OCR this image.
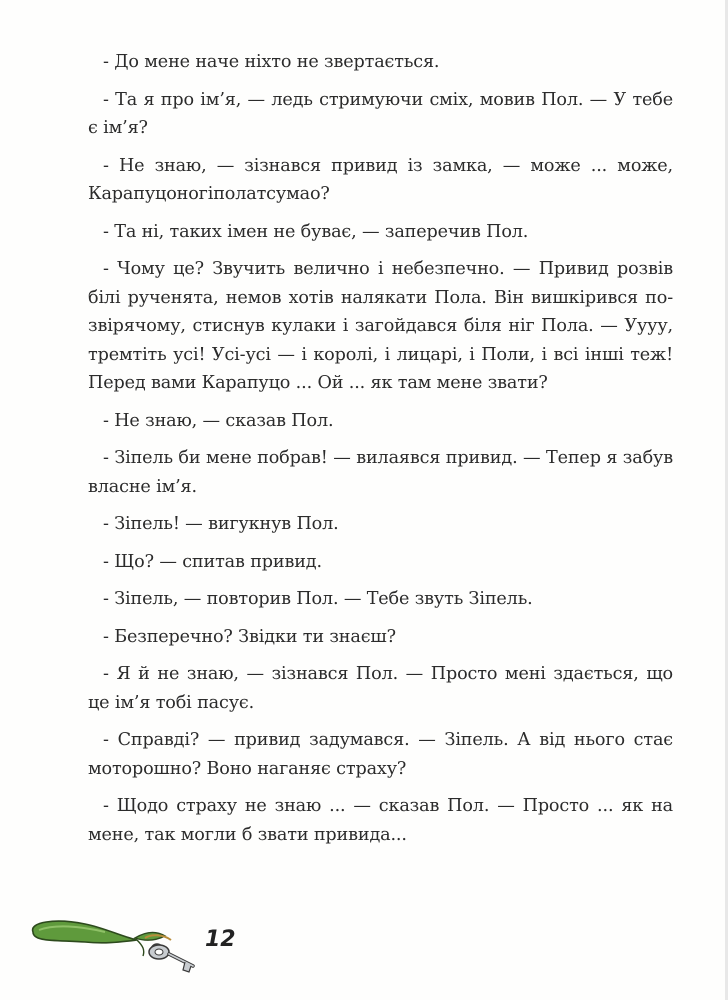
- До мене наче ніхто не звертається.

- Та я про ім’я, — ледь стримуючи сміх, мовив Пол. — У тебе є ім’я?

- Не знаю, — зізнався привид із замка, — може ... може, Карапуцоногіполатсумао?

- Та ні, таких імен не буває, — заперечив Пол.

- Чому це? Звучить велично і небезпечно. — Привид розвів білі рученята, немов хотів налякати Пола. Він вишкірився по-звірячому, стиснув кулаки і загойдався біля ніг Пола. — Уууу, тремтіть усі! Усі-усі — і королі, і лицарі, і Поли, і всі інші теж! Перед вами Карапуцо ... Ой ... як там мене звати?

- Не знаю, — сказав Пол.

- Зіпель би мене побрав! — вилаявся привид. — Тепер я забув власне ім’я.

- Зіпель! — вигукнув Пол.

- Що? — спитав привид.

- Зіпель, — повторив Пол. — Тебе звуть Зіпель.

- Безперечно? Звідки ти знаєш?

- Я й не знаю, — зізнався Пол. — Просто мені здається, що це ім’я тобі пасує.

- Справді? — привид задумався. — Зіпель. А від нього стає моторошно? Воно наганяє страху?

- Щодо страху не знаю ... — сказав Пол. — Просто ... як на мене, так могли б звати привида...

12
